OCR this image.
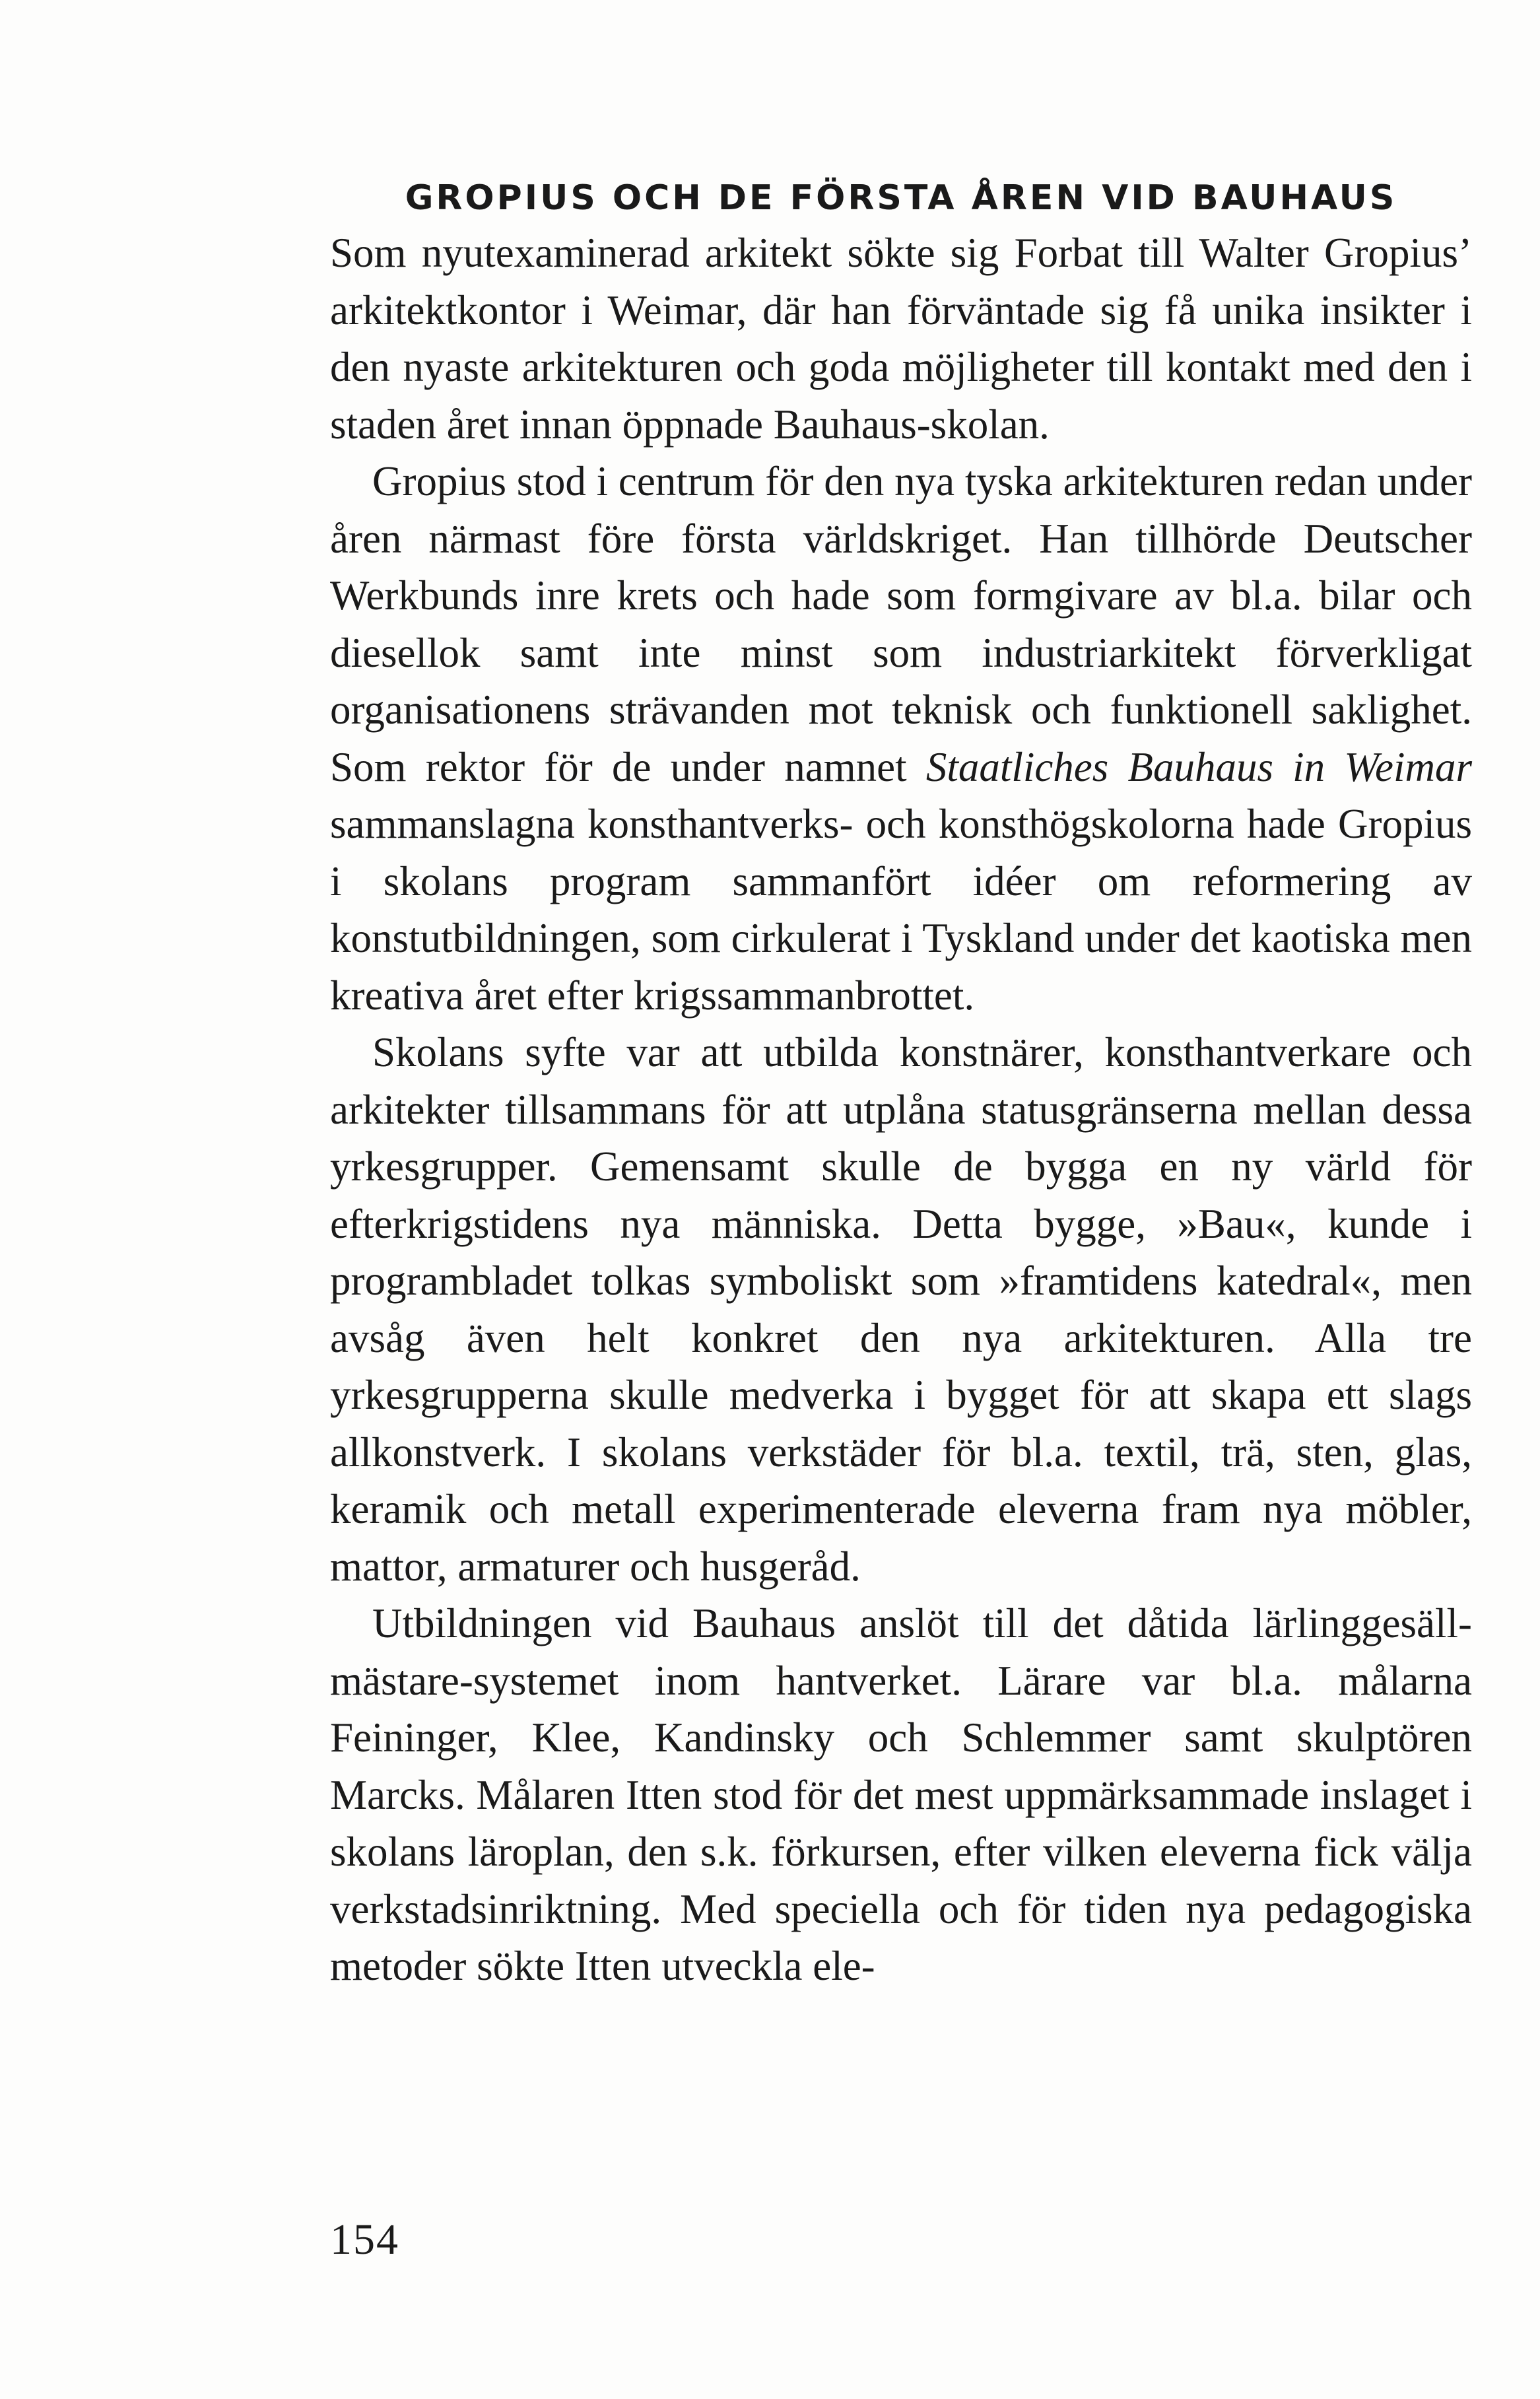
GROPIUS OCH DE FÖRSTA ÅREN VID BAUHAUS

Som nyutexaminerad arkitekt sökte sig Forbat till Walter Gropius’ arkitektkontor i Weimar, där han förväntade sig få unika insikter i den nyaste arkitekturen och goda möjligheter till kontakt med den i staden året innan öppnade Bauhaus-skolan.

Gropius stod i centrum för den nya tyska arkitekturen redan under åren närmast före första världskriget. Han tillhörde Deutscher Werkbunds inre krets och hade som formgivare av bl.a. bilar och diesellok samt inte minst som industriarkitekt förverkligat organisationens strävanden mot teknisk och funktionell saklighet. Som rektor för de under namnet Staatliches Bauhaus in Weimar sammanslagna konsthantverks- och konsthögskolorna hade Gropius i skolans program sammanfört idéer om reformering av konstutbildningen, som cirkulerat i Tyskland under det kaotiska men kreativa året efter krigssammanbrottet.

Skolans syfte var att utbilda konstnärer, konsthantverkare och arkitekter tillsammans för att utplåna statusgränserna mellan dessa yrkesgrupper. Gemensamt skulle de bygga en ny värld för efterkrigstidens nya människa. Detta bygge, »Bau«, kunde i programbladet tolkas symboliskt som »framtidens katedral«, men avsåg även helt konkret den nya arkitekturen. Alla tre yrkesgrupperna skulle medverka i bygget för att skapa ett slags allkonstverk. I skolans verkstäder för bl.a. textil, trä, sten, glas, keramik och metall experimenterade eleverna fram nya möbler, mattor, armaturer och husgeråd.

Utbildningen vid Bauhaus anslöt till det dåtida lärlinggesäll-mästare-systemet inom hantverket. Lärare var bl.a. målarna Feininger, Klee, Kandinsky och Schlemmer samt skulptören Marcks. Målaren Itten stod för det mest uppmärksammade inslaget i skolans läroplan, den s.k. förkursen, efter vilken eleverna fick välja verkstadsinriktning. Med speciella och för tiden nya pedagogiska metoder sökte Itten utveckla ele-

154
